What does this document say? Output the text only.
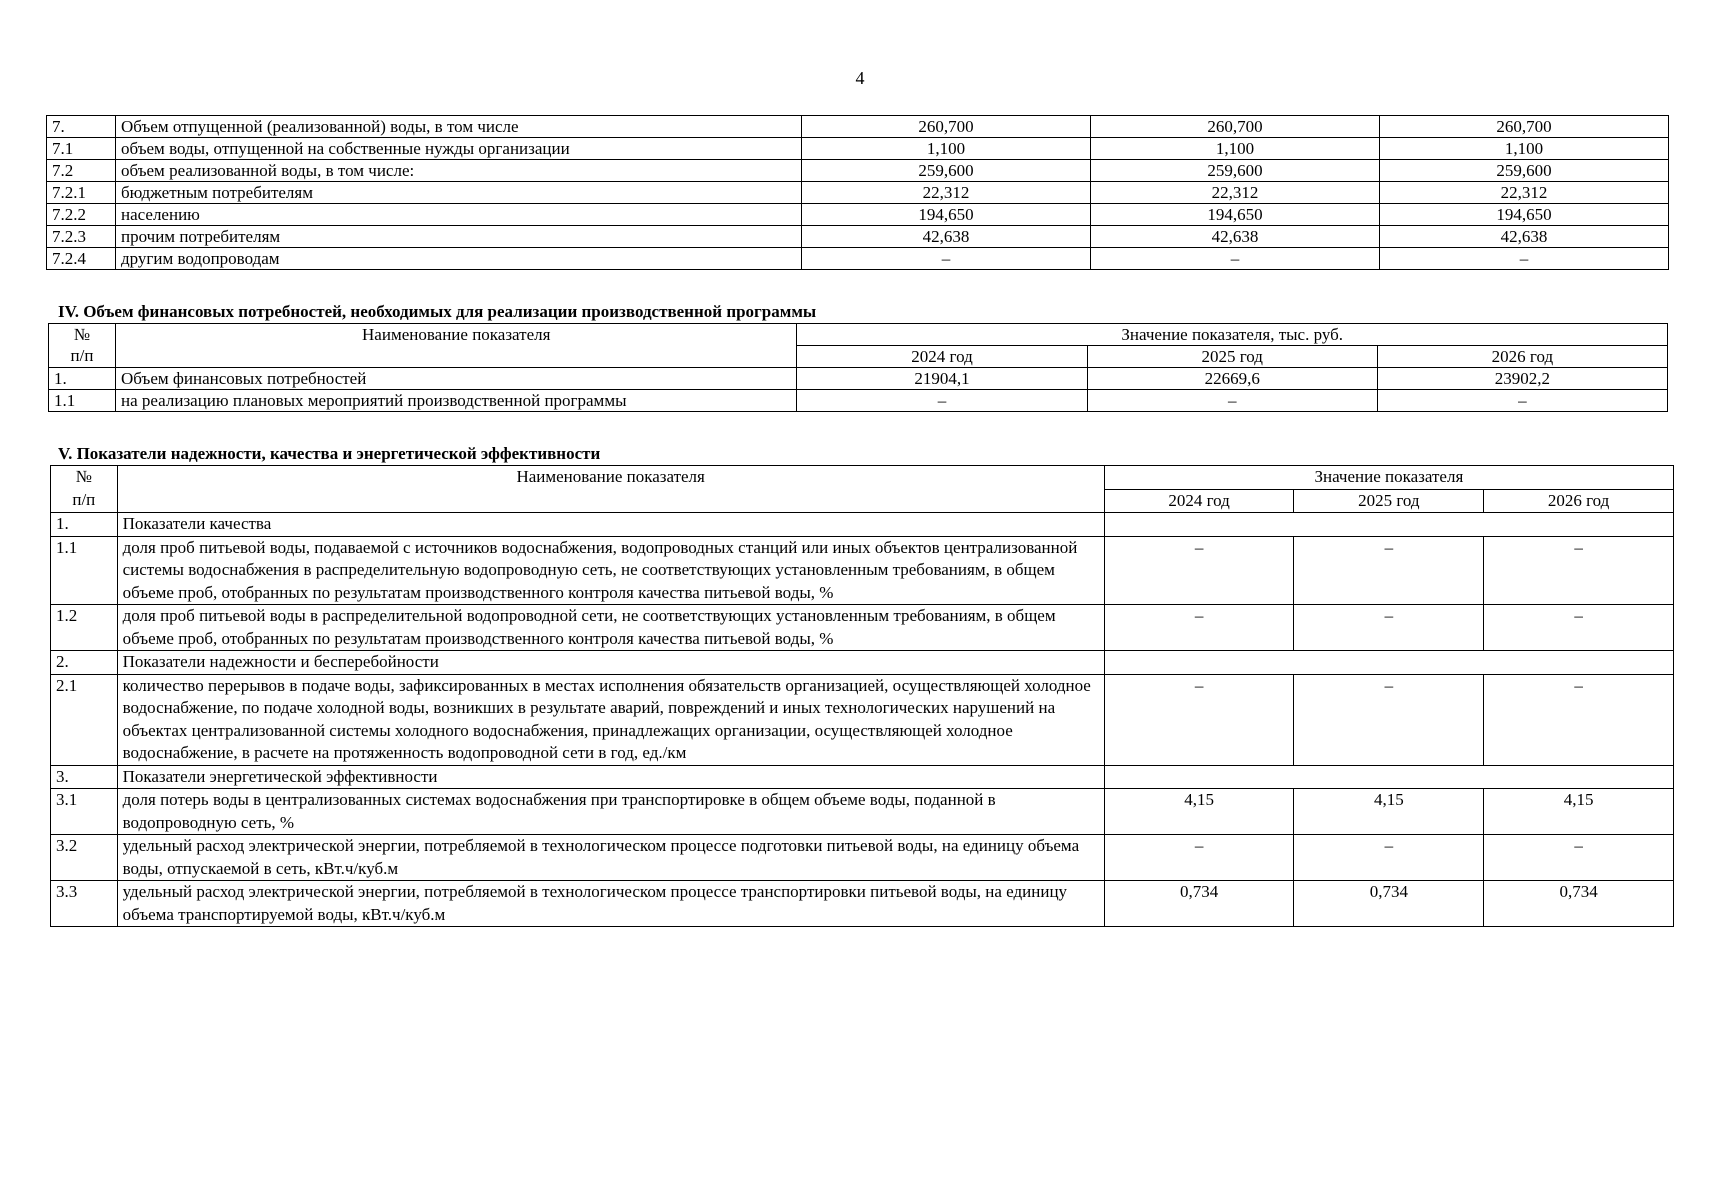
4
7.	Объем отпущенной (реализованной) воды, в том числе	260,700	260,700	260,700
7.1	объем воды, отпущенной на собственные нужды организации	1,100	1,100	1,100
7.2	объем реализованной воды, в том числе:	259,600	259,600	259,600
7.2.1	бюджетным потребителям	22,312	22,312	22,312
7.2.2	населению	194,650	194,650	194,650
7.2.3	прочим потребителям	42,638	42,638	42,638
7.2.4	другим водопроводам	–	–	–
IV. Объем финансовых потребностей, необходимых для реализации производственной программы
№
п/п	Наименование показателя	Значение показателя, тыс. руб.		
		2024 год	2025 год	2026 год
1.	Объем финансовых потребностей	21904,1	22669,6	23902,2
1.1	на реализацию плановых мероприятий производственной программы	–	–	–
V. Показатели надежности, качества и энергетической эффективности
№
п/п	Наименование показателя	Значение показателя		
		2024 год	2025 год	2026 год
1.	Показатели качества			
1.1	доля проб питьевой воды, подаваемой с источников водоснабжения, водопроводных станций или иных объектов централизованной системы водоснабжения в распределительную водопроводную сеть, не соответствующих установленным требованиям, в общем объеме проб, отобранных по результатам производственного контроля качества питьевой воды, %	–	–	–
1.2	доля проб питьевой воды в распределительной водопроводной сети, не соответствующих установленным требованиям, в общем объеме проб, отобранных по результатам производственного контроля качества питьевой воды, %	–	–	–
2.	Показатели надежности и бесперебойности			
2.1	количество перерывов в подаче воды, зафиксированных в местах исполнения обязательств организацией, осуществляющей холодное водоснабжение, по подаче холодной воды, возникших в результате аварий, повреждений и иных технологических нарушений на объектах централизованной системы холодного водоснабжения, принадлежащих организации, осуществляющей холодное водоснабжение, в расчете на протяженность водопроводной сети в год, ед./км	–	–	–
3.	Показатели энергетической эффективности			
3.1	доля потерь воды в централизованных системах водоснабжения при транспортировке в общем объеме воды, поданной в водопроводную сеть, %	4,15	4,15	4,15
3.2	удельный расход электрической энергии, потребляемой в технологическом процессе подготовки питьевой воды, на единицу объема воды, отпускаемой в сеть, кВт.ч/куб.м	–	–	–
3.3	удельный расход электрической энергии, потребляемой в технологическом процессе транспортировки питьевой воды, на единицу объема транспортируемой воды, кВт.ч/куб.м	0,734	0,734	0,734
